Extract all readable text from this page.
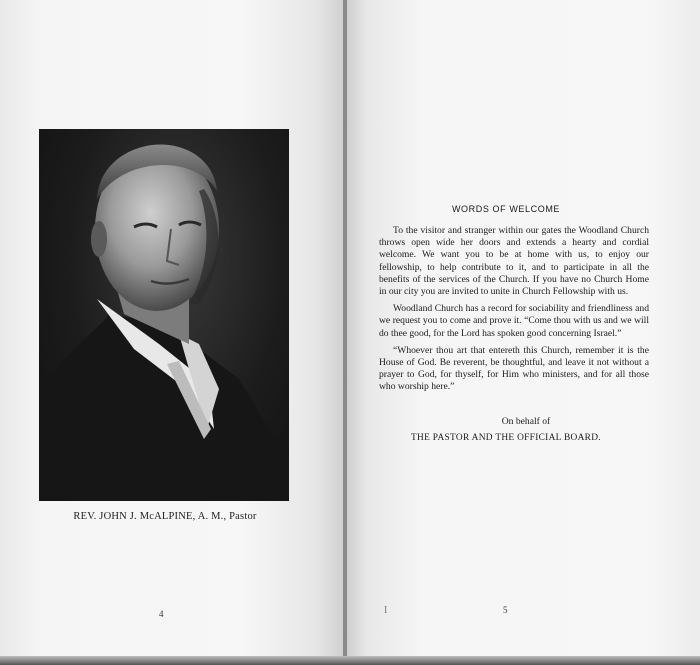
REV. JOHN J. McALPINE, A. M., Pastor
4
WORDS OF WELCOME

To the visitor and stranger within our gates the Woodland Church throws open wide her doors and extends a hearty and cordial welcome. We want you to be at home with us, to enjoy our fellowship, to help contribute to it, and to participate in all the benefits of the services of the Church. If you have no Church Home in our city you are invited to unite in Church Fellowship with us.

Woodland Church has a record for sociability and friendliness and we request you to come and prove it. “Come thou with us and we will do thee good, for the Lord has spoken good concerning Israel.”

“Whoever thou art that entereth this Church, remember it is the House of God. Be reverent, be thoughtful, and leave it not without a prayer to God, for thyself, for Him who ministers, and for all those who worship here.”

On behalf of
THE PASTOR AND THE OFFICIAL BOARD.
I	5
